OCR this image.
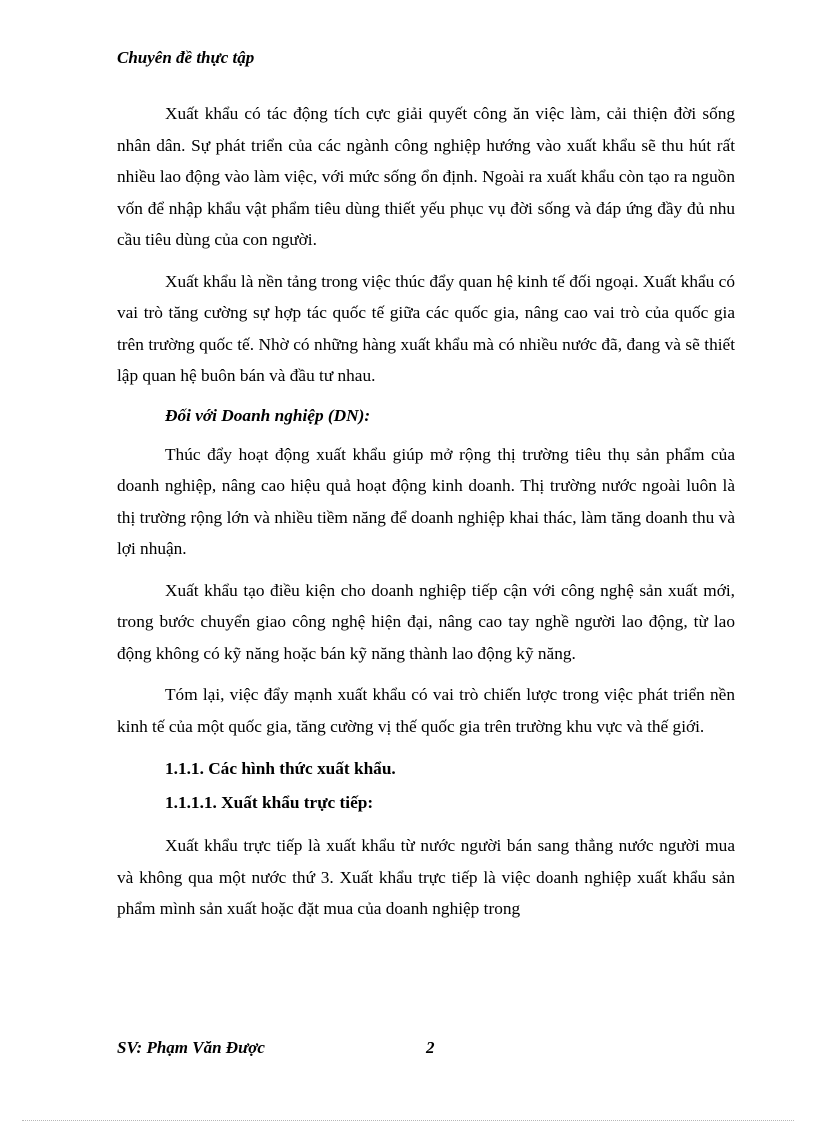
Chuyên đề thực tập

Xuất khẩu có tác động tích cực giải quyết công ăn việc làm, cải thiện đời sống nhân dân. Sự phát triển của các ngành công nghiệp hướng vào xuất khẩu sẽ thu hút rất nhiều lao động vào làm việc, với mức sống ổn định. Ngoài ra xuất khẩu còn tạo ra nguồn vốn để nhập khẩu vật phẩm tiêu dùng thiết yếu phục vụ đời sống và đáp ứng đầy đủ nhu cầu tiêu dùng của con người.

Xuất khẩu là nền tảng trong việc thúc đẩy quan hệ kinh tế đối ngoại. Xuất khẩu có vai trò tăng cường sự hợp tác quốc tế giữa các quốc gia, nâng cao vai trò của quốc gia trên trường quốc tế. Nhờ có những hàng xuất khẩu mà có nhiều nước đã, đang và sẽ thiết lập quan hệ buôn bán và đầu tư nhau.

Đối với Doanh nghiệp (DN):

Thúc đẩy hoạt động xuất khẩu giúp mở rộng thị trường tiêu thụ sản phẩm của doanh nghiệp, nâng cao hiệu quả hoạt động kinh doanh. Thị trường nước ngoài luôn là thị trường rộng lớn và nhiều tiềm năng để doanh nghiệp khai thác, làm tăng doanh thu và lợi nhuận.

Xuất khẩu tạo điều kiện cho doanh nghiệp tiếp cận với công nghệ sản xuất mới, trong bước chuyển giao công nghệ hiện đại, nâng cao tay nghề người lao động, từ lao động không có kỹ năng hoặc bán kỹ năng thành lao động kỹ năng.

Tóm lại, việc đẩy mạnh xuất khẩu có vai trò chiến lược trong việc phát triển nền kinh tế của một quốc gia, tăng cường vị thế quốc gia trên trường khu vực và thế giới.

1.1.1. Các hình thức xuất khẩu.

1.1.1.1. Xuất khẩu trực tiếp:

Xuất khẩu trực tiếp là xuất khẩu từ nước người bán sang thẳng nước người mua và không qua một nước thứ 3. Xuất khẩu trực tiếp là việc doanh nghiệp xuất khẩu sản phẩm mình sản xuất hoặc đặt mua của doanh nghiệp trong

SV: Phạm Văn Được	2
